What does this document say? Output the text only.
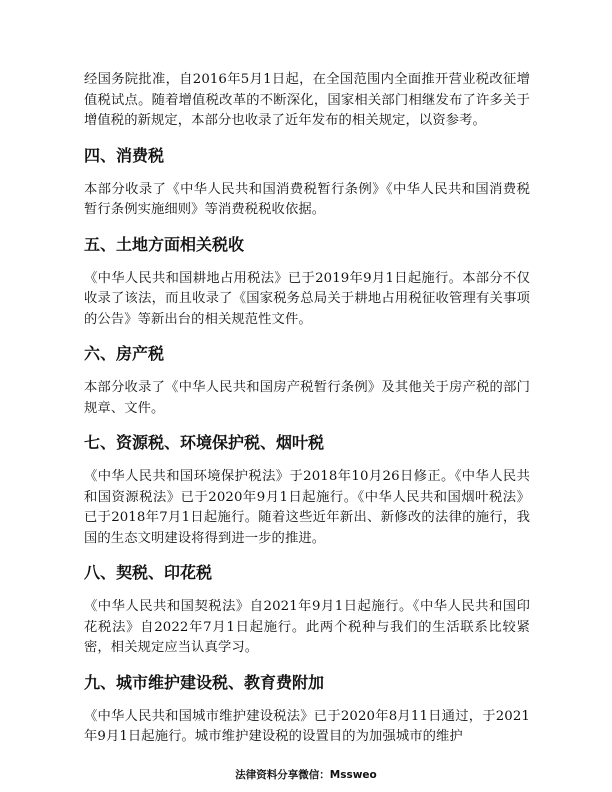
经国务院批准，自2016年5月1日起，在全国范围内全面推开营业税改征增值税试点。随着增值税改革的不断深化，国家相关部门相继发布了许多关于增值税的新规定，本部分也收录了近年发布的相关规定，以资参考。

四、消费税

本部分收录了《中华人民共和国消费税暂行条例》《中华人民共和国消费税暂行条例实施细则》等消费税税收依据。

五、土地方面相关税收

《中华人民共和国耕地占用税法》已于2019年9月1日起施行。本部分不仅收录了该法，而且收录了《国家税务总局关于耕地占用税征收管理有关事项的公告》等新出台的相关规范性文件。

六、房产税

本部分收录了《中华人民共和国房产税暂行条例》及其他关于房产税的部门规章、文件。

七、资源税、环境保护税、烟叶税

《中华人民共和国环境保护税法》于2018年10月26日修正。《中华人民共和国资源税法》已于2020年9月1日起施行。《中华人民共和国烟叶税法》已于2018年7月1日起施行。随着这些近年新出、新修改的法律的施行，我国的生态文明建设将得到进一步的推进。

八、契税、印花税

《中华人民共和国契税法》自2021年9月1日起施行。《中华人民共和国印花税法》自2022年7月1日起施行。此两个税种与我们的生活联系比较紧密，相关规定应当认真学习。

九、城市维护建设税、教育费附加

《中华人民共和国城市维护建设税法》已于2020年8月11日通过，于2021年9月1日起施行。城市维护建设税的设置目的为加强城市的维护

法律资料分享微信：Mssweo
